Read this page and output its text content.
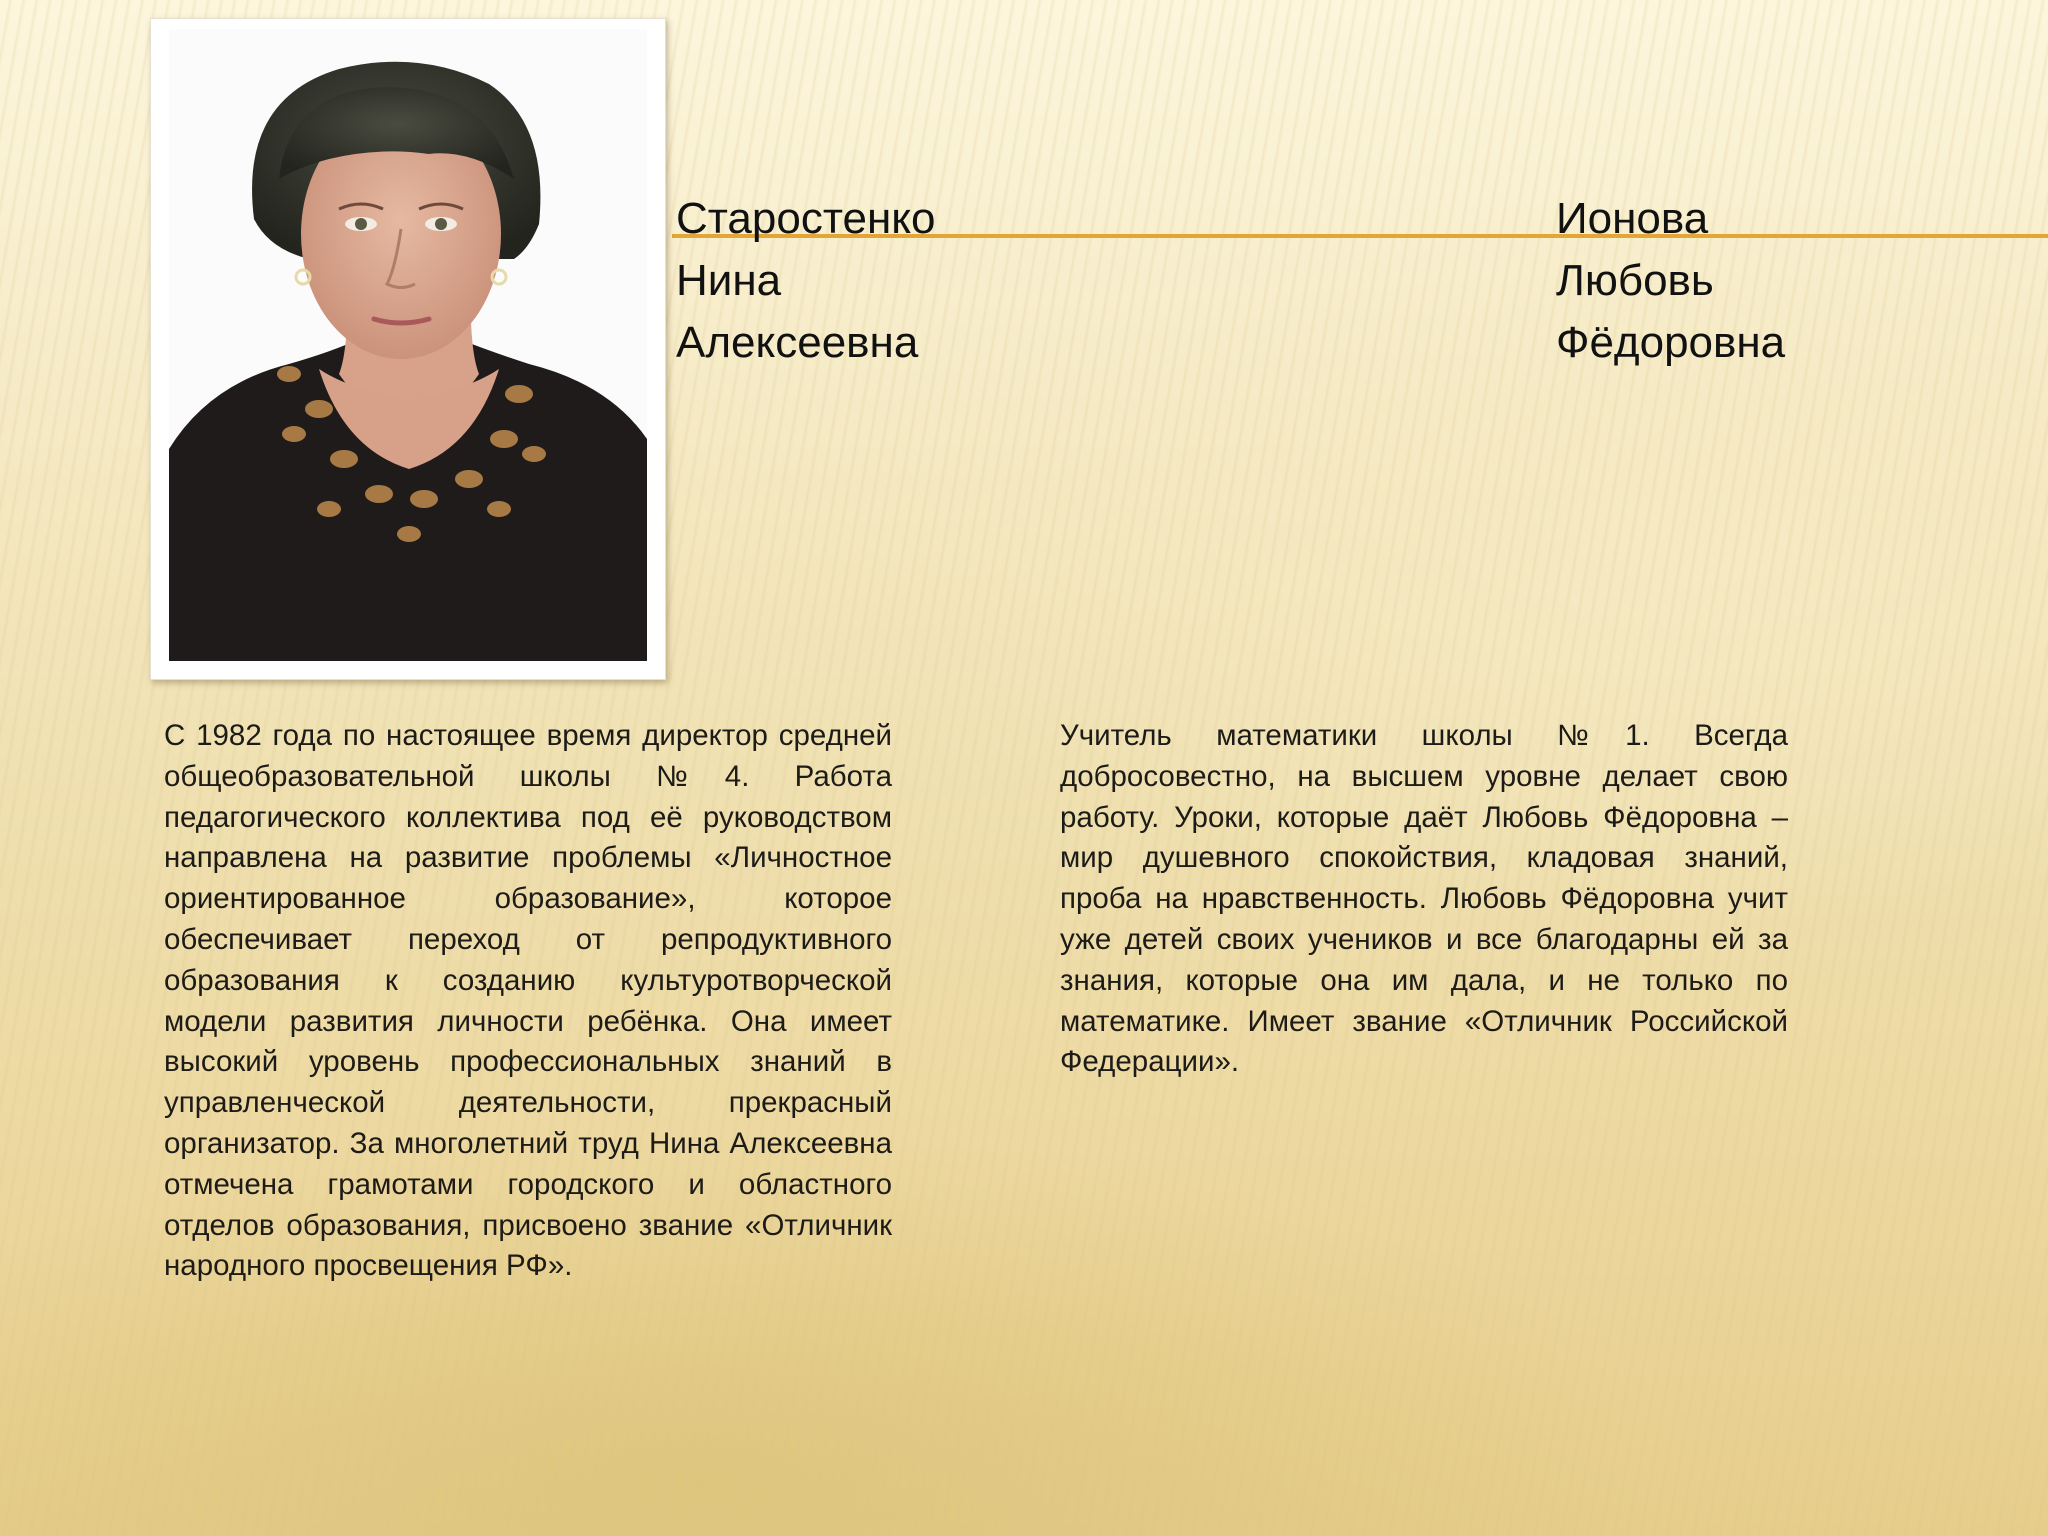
Старостенко
Нина
Алексеевна
Ионова
Любовь
Фёдоровна
С 1982 года по настоящее время директор средней общеобразовательной школы №4. Работа педагогического коллектива под её руководством направлена на развитие проблемы «Личностное ориентированное образование», которое обеспечивает переход от репродуктивного образования к созданию культуротворческой модели развития личности ребёнка. Она имеет высокий уровень профессиональных знаний в управленческой деятельности, прекрасный организатор. За многолетний труд Нина Алексеевна отмечена грамотами городского и областного отделов образования, присвоено звание «Отличник народного просвещения РФ».
Учитель математики школы №1. Всегда добросовестно, на высшем уровне делает свою работу. Уроки, которые даёт Любовь Фёдоровна – мир душевного спокойствия, кладовая знаний, проба на нравственность. Любовь Фёдоровна учит уже детей своих учеников и все благодарны ей за знания, которые она им дала, и не только по математике. Имеет звание «Отличник Российской Федерации».
